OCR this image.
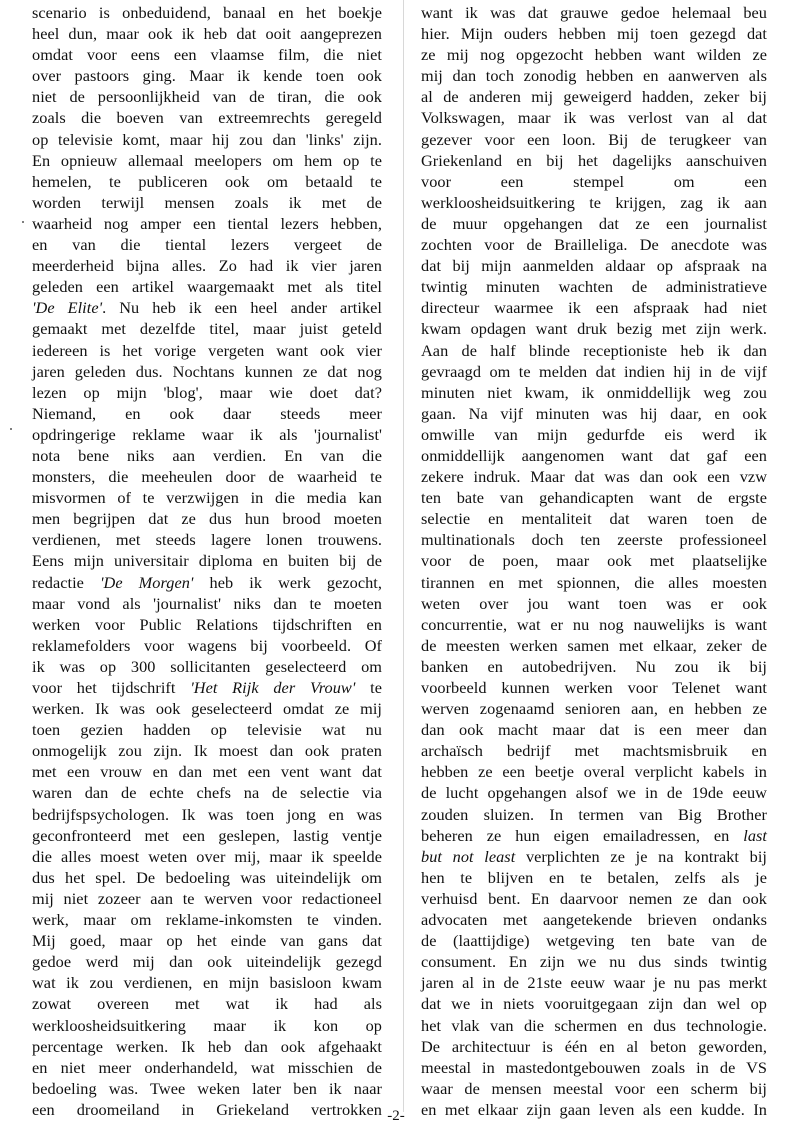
scenario is onbeduidend, banaal en het boekje
heel dun, maar ook ik heb dat ooit aangeprezen
omdat voor eens een vlaamse film, die niet
over pastoors ging. Maar ik kende toen ook
niet de persoonlijkheid van de tiran, die ook
zoals die boeven van extreemrechts geregeld
op televisie komt, maar hij zou dan 'links' zijn.
En opnieuw allemaal meelopers om hem op te
hemelen, te publiceren ook om betaald te
worden terwijl mensen zoals ik met de
waarheid nog amper een tiental lezers hebben,
en van die tiental lezers vergeet de
meerderheid bijna alles. Zo had ik vier jaren
geleden een artikel waargemaakt met als titel
'De Elite'. Nu heb ik een heel ander artikel
gemaakt met dezelfde titel, maar juist geteld
iedereen is het vorige vergeten want ook vier
jaren geleden dus. Nochtans kunnen ze dat nog
lezen op mijn 'blog', maar wie doet dat?
Niemand, en ook daar steeds meer
opdringerige reklame waar ik als 'journalist'
nota bene niks aan verdien. En van die
monsters, die meeheulen door de waarheid te
misvormen of te verzwijgen in die media kan
men begrijpen dat ze dus hun brood moeten
verdienen, met steeds lagere lonen trouwens.
Eens mijn universitair diploma en buiten bij de
redactie 'De Morgen' heb ik werk gezocht,
maar vond als 'journalist' niks dan te moeten
werken voor Public Relations tijdschriften en
reklamefolders voor wagens bij voorbeeld. Of
ik was op 300 sollicitanten geselecteerd om
voor het tijdschrift 'Het Rijk der Vrouw' te
werken. Ik was ook geselecteerd omdat ze mij
toen gezien hadden op televisie wat nu
onmogelijk zou zijn. Ik moest dan ook praten
met een vrouw en dan met een vent want dat
waren dan de echte chefs na de selectie via
bedrijfspsychologen. Ik was toen jong en was
geconfronteerd met een geslepen, lastig ventje
die alles moest weten over mij, maar ik speelde
dus het spel. De bedoeling was uiteindelijk om
mij niet zozeer aan te werven voor redactioneel
werk, maar om reklame-inkomsten te vinden.
Mij goed, maar op het einde van gans dat
gedoe werd mij dan ook uiteindelijk gezegd
wat ik zou verdienen, en mijn basisloon kwam
zowat overeen met wat ik had als
werkloosheidsuitkering maar ik kon op
percentage werken. Ik heb dan ook afgehaakt
en niet meer onderhandeld, wat misschien de
bedoeling was. Twee weken later ben ik naar
een droomeiland in Griekeland vertrokken
want ik was dat grauwe gedoe helemaal beu
hier. Mijn ouders hebben mij toen gezegd dat
ze mij nog opgezocht hebben want wilden ze
mij dan toch zonodig hebben en aanwerven als
al de anderen mij geweigerd hadden, zeker bij
Volkswagen, maar ik was verlost van al dat
gezever voor een loon. Bij de terugkeer van
Griekenland en bij het dagelijks aanschuiven
voor een stempel om een
werkloosheidsuitkering te krijgen, zag ik aan
de muur opgehangen dat ze een journalist
zochten voor de Brailleliga. De anecdote was
dat bij mijn aanmelden aldaar op afspraak na
twintig minuten wachten de administratieve
directeur waarmee ik een afspraak had niet
kwam opdagen want druk bezig met zijn werk.
Aan de half blinde receptioniste heb ik dan
gevraagd om te melden dat indien hij in de vijf
minuten niet kwam, ik onmiddellijk weg zou
gaan. Na vijf minuten was hij daar, en ook
omwille van mijn gedurfde eis werd ik
onmiddellijk aangenomen want dat gaf een
zekere indruk. Maar dat was dan ook een vzw
ten bate van gehandicapten want de ergste
selectie en mentaliteit dat waren toen de
multinationals doch ten zeerste professioneel
voor de poen, maar ook met plaatselijke
tirannen en met spionnen, die alles moesten
weten over jou want toen was er ook
concurrentie, wat er nu nog nauwelijks is want
de meesten werken samen met elkaar, zeker de
banken en autobedrijven. Nu zou ik bij
voorbeeld kunnen werken voor Telenet want
werven zogenaamd senioren aan, en hebben ze
dan ook macht maar dat is een meer dan
archaïsch bedrijf met machtsmisbruik en
hebben ze een beetje overal verplicht kabels in
de lucht opgehangen alsof we in de 19de eeuw
zouden sluizen. In termen van Big Brother
beheren ze hun eigen emailadressen, en last
but not least verplichten ze je na kontrakt bij
hen te blijven en te betalen, zelfs als je
verhuisd bent. En daarvoor nemen ze dan ook
advocaten met aangetekende brieven ondanks
de (laattijdige) wetgeving ten bate van de
consument. En zijn we nu dus sinds twintig
jaren al in de 21ste eeuw waar je nu pas merkt
dat we in niets vooruitgegaan zijn dan wel op
het vlak van die schermen en dus technologie.
De architectuur is één en al beton geworden,
meestal in mastedontgebouwen zoals in de VS
waar de mensen meestal voor een scherm bij
en met elkaar zijn gaan leven als een kudde. In
-2-
